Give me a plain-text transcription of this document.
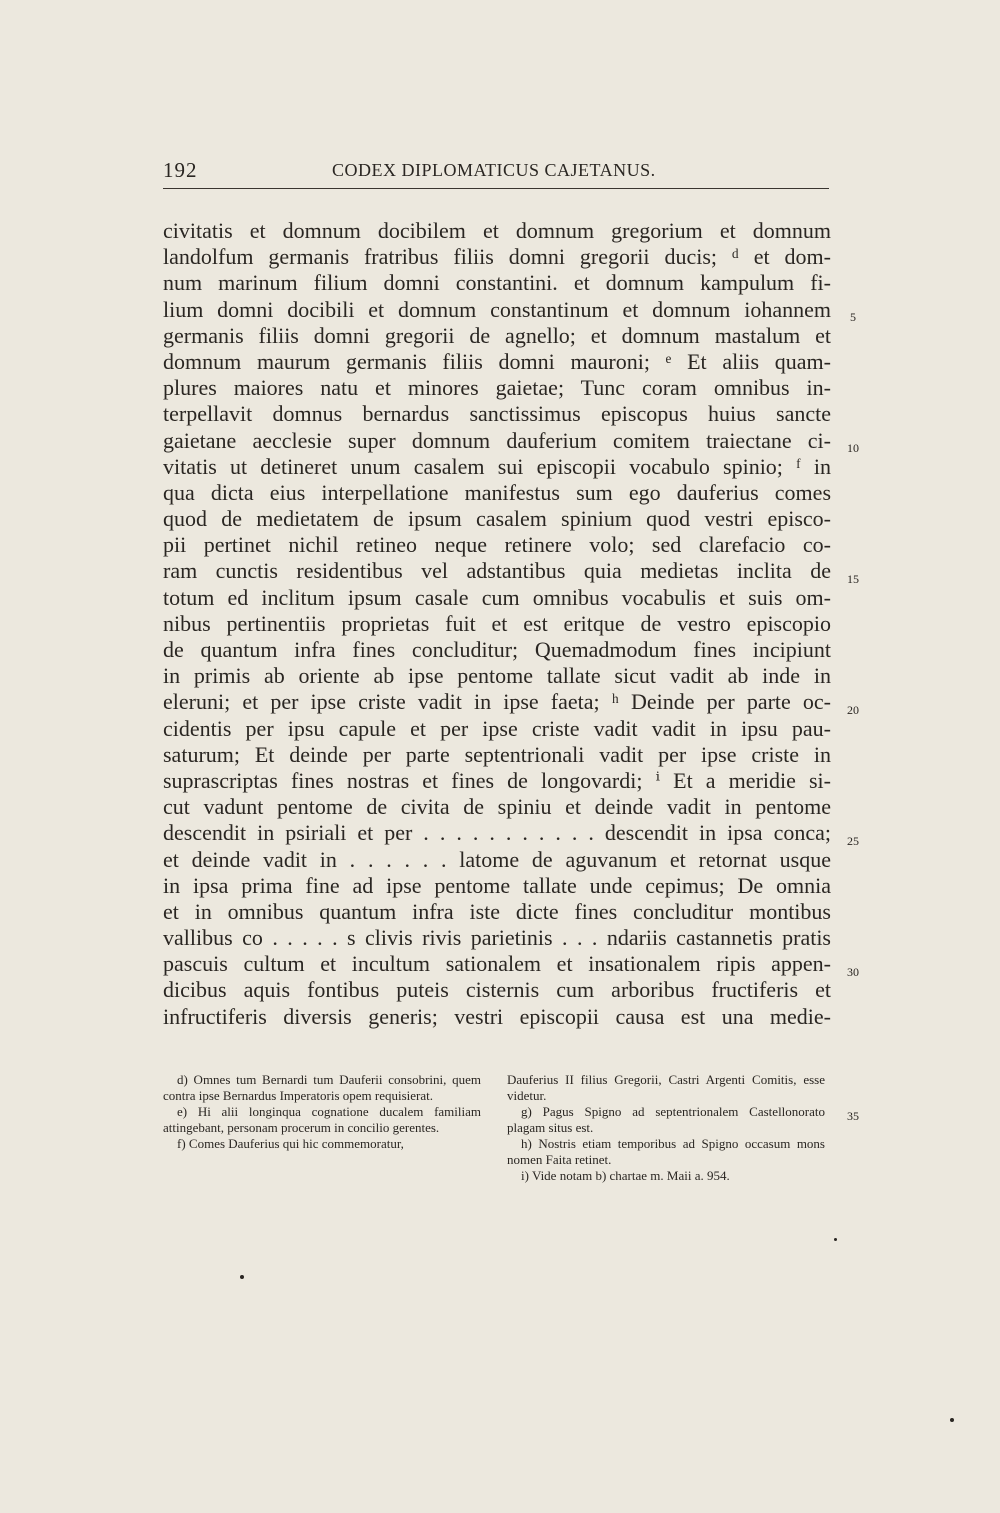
192	CODEX DIPLOMATICUS CAJETANUS.
civitatis et domnum docibilem et domnum gregorium et domnum
landolfum germanis fratribus filiis domni gregorii ducis; ᵈ et dom-
num marinum filium domni constantini. et domnum kampulum fi-
lium domni docibili et domnum constantinum et domnum iohannem
germanis filiis domni gregorii de agnello; et domnum mastalum et
domnum maurum germanis filiis domni mauroni; ᵉ Et aliis quam-
plures maiores natu et minores gaietae; Tunc coram omnibus in-
terpellavit domnus bernardus sanctissimus episcopus huius sancte
gaietane aecclesie super domnum dauferium comitem traiectane ci-
vitatis ut detineret unum casalem sui episcopii vocabulo spinio; ᶠ in
qua dicta eius interpellatione manifestus sum ego dauferius comes
quod de medietatem de ipsum casalem spinium quod vestri episco-
pii pertinet nichil retineo neque retinere volo; sed clarefacio co-
ram cunctis residentibus vel adstantibus quia medietas inclita de
totum ed inclitum ipsum casale cum omnibus vocabulis et suis om-
nibus pertinentiis proprietas fuit et est eritque de vestro episcopio
de quantum infra fines concluditur; Quemadmodum fines incipiunt
in primis ab oriente ab ipse pentome tallate sicut vadit ab inde in
eleruni; et per ipse criste vadit in ipse faeta; ʰ Deinde per parte oc-
cidentis per ipsu capule et per ipse criste vadit vadit in ipsu pau-
saturum; Et deinde per parte septentrionali vadit per ipse criste in
suprascriptas fines nostras et fines de longovardi; ⁱ Et a meridie si-
cut vadunt pentome de civita de spiniu et deinde vadit in pentome
descendit in psiriali et per . . . . . . . . . . . descendit in ipsa conca;
et deinde vadit in . . . . . . latome de aguvanum et retornat usque
in ipsa prima fine ad ipse pentome tallate unde cepimus; De omnia
et in omnibus quantum infra iste dicte fines concluditur montibus
vallibus co . . . . . s clivis rivis parietinis . . . ndariis castannetis pratis
pascuis cultum et incultum sationalem et insationalem ripis appen-
dicibus aquis fontibus puteis cisternis cum arboribus fructiferis et
infructiferis diversis generis; vestri episcopii causa est una medie-
5
10
15
20
25
30
35

d) Omnes tum Bernardi tum Dauferii consobrini, quem contra ipse Bernardus Imperatoris opem requisierat.

e) Hi alii longinqua cognatione ducalem familiam attingebant, personam procerum in concilio gerentes.

f) Comes Dauferius qui hic commemoratur,

Dauferius II filius Gregorii, Castri Argenti Comitis, esse videtur.

g) Pagus Spigno ad septentrionalem Castellonorato plagam situs est.

h) Nostris etiam temporibus ad Spigno occasum mons nomen Faita retinet.

i) Vide notam b) chartae m. Maii a. 954.
